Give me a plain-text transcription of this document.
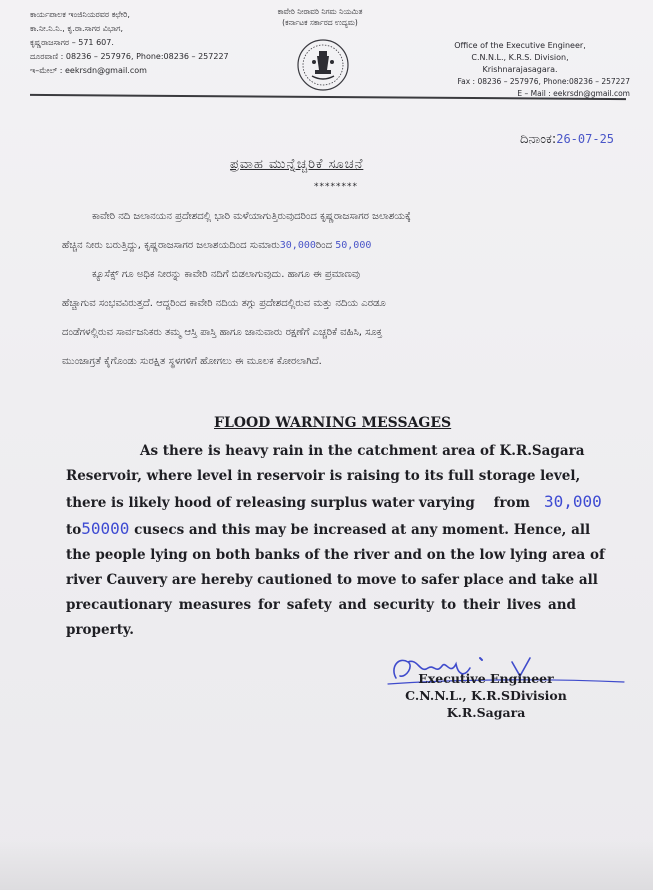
ಕಾರ್ಯಪಾಲಕ ಇಂಜಿನಿಯರವರ ಕಛೇರಿ,
ಕಾ.ನೀ.ನಿ.ನಿ., ಕೃ.ರಾ.ಸಾಗರ ವಿಭಾಗ,
ಕೃಷ್ಣರಾಜಸಾಗರ – 571 607.
ದೂರವಾಣಿ : 08236 – 257976, Phone:08236 – 257227
ಇ–ಮೇಲ್ : eekrsdn@gmail.com
ಕಾವೇರಿ ನೀರಾವರಿ ನಿಗಮ ನಿಯಮಿತ
(ಕರ್ನಾಟಕ ಸರ್ಕಾರದ ಉದ್ಯಮ)
Office of the Executive Engineer,
C.N.N.L., K.R.S. Division,
Krishnarajasagara.
Fax : 08236 – 257976, Phone:08236 – 257227
E – Mail : eekrsdn@gmail.com
ದಿನಾಂಕ:26-07-25
ಪ್ರವಾಹ ಮುನ್ನೆಚ್ಚರಿಕೆ ಸೂಚನೆ
********
ಕಾವೇರಿ ನದಿ ಜಲಾನಯನ ಪ್ರದೇಶದಲ್ಲಿ ಭಾರಿ ಮಳೆಯಾಗುತ್ತಿರುವುದರಿಂದ ಕೃಷ್ಣರಾಜಸಾಗರ ಜಲಾಶಯಕ್ಕೆ
ಹೆಚ್ಚಿನ ನೀರು ಬರುತ್ತಿದ್ದು, ಕೃಷ್ಣರಾಜಸಾಗರ ಜಲಾಶಯದಿಂದ ಸುಮಾರು30,000ರಿಂದ 50,000
ಕ್ಯೂಸೆಕ್ಸ್ ಗೂ ಅಧಿಕ ನೀರನ್ನು ಕಾವೇರಿ ನದಿಗೆ ಬಿಡಲಾಗುವುದು. ಹಾಗೂ ಈ ಪ್ರಮಾಣವು
ಹೆಚ್ಚಾಗುವ ಸಂಭವವಿರುತ್ತದೆ. ಆದ್ದರಿಂದ ಕಾವೇರಿ ನದಿಯ ತಗ್ಗು ಪ್ರದೇಶದಲ್ಲಿರುವ ಮತ್ತು ನದಿಯ ಎರಡೂ
ದಂಡೆಗಳಲ್ಲಿರುವ ಸಾರ್ವಜನಿಕರು ತಮ್ಮ ಆಸ್ತಿ ಪಾಸ್ತಿ ಹಾಗೂ ಜಾನುವಾರು ರಕ್ಷಣೆಗೆ ಎಚ್ಚರಿಕೆ ವಹಿಸಿ, ಸೂಕ್ತ
ಮುಂಜಾಗ್ರತೆ ಕೈಗೊಂಡು ಸುರಕ್ಷಿತ ಸ್ಥಳಗಳಿಗೆ ಹೋಗಲು ಈ ಮೂಲಕ ಕೋರಲಾಗಿದೆ.
FLOOD WARNING MESSAGES
As there is heavy rain in the catchment area of K.R.Sagara
Reservoir, where level in reservoir is raising to its full storage level,
there is likely hood of releasing surplus water varying from 30,000
to50000 cusecs and this may be increased at any moment. Hence, all
the people lying on both banks of the river and on the low lying area of
river Cauvery are hereby cautioned to move to safer place and take all
precautionary measures for safety and security to their lives and
property.
Executive Engineer
C.N.N.L., K.R.SDivision
K.R.Sagara
